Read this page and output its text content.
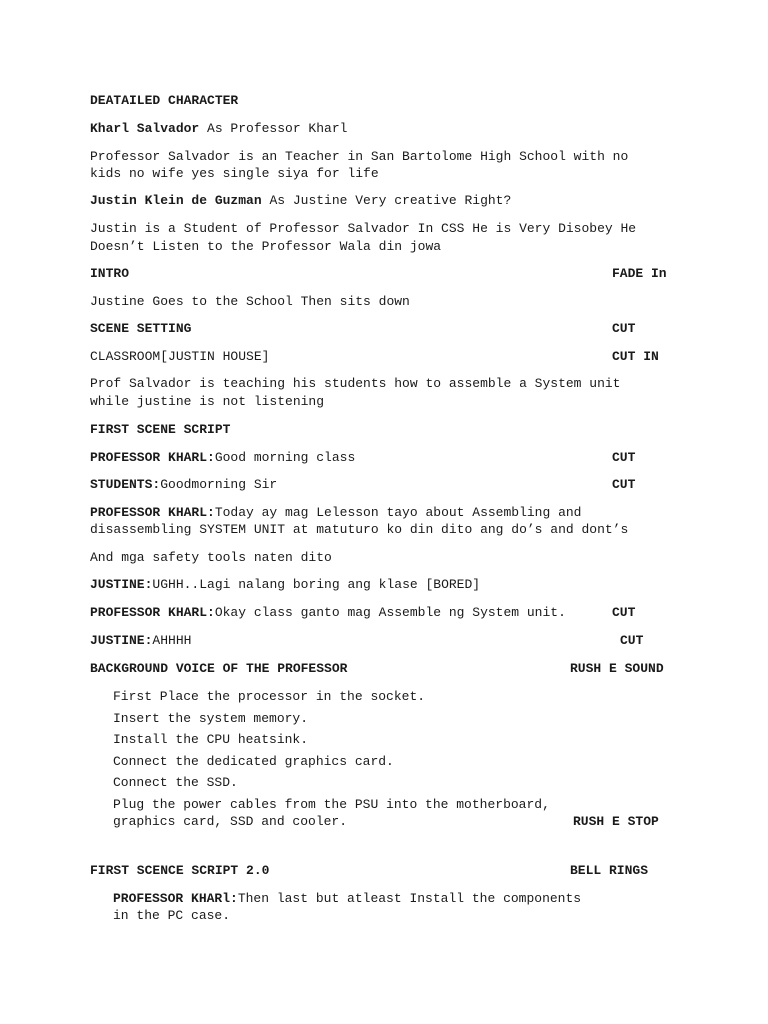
DEATAILED CHARACTER
Kharl Salvador As Professor Kharl
Professor Salvador is an Teacher in San Bartolome High School with no
kids no wife yes single siya for life
Justin Klein de Guzman As Justine Very creative Right?
Justin is a Student of Professor Salvador In CSS He is Very Disobey He
Doesn’t Listen to the Professor Wala din jowa
INTRO	FADE In
Justine Goes to the School Then sits down
SCENE SETTING	CUT
CLASSROOM[JUSTIN HOUSE]	CUT IN
Prof Salvador is teaching his students how to assemble a System unit
while justine is not listening
FIRST SCENE SCRIPT
PROFESSOR KHARL:Good morning class	CUT
STUDENTS:Goodmorning Sir	CUT
PROFESSOR KHARL:Today ay mag Lelesson tayo about Assembling and
disassembling SYSTEM UNIT at matuturo ko din dito ang do’s and dont’s
And mga safety tools naten dito
JUSTINE:UGHH..Lagi nalang boring ang klase [BORED]
PROFESSOR KHARL:Okay class ganto mag Assemble ng System unit.	CUT
JUSTINE:AHHHH	CUT
BACKGROUND VOICE OF THE PROFESSOR	RUSH E SOUND
First Place the processor in the socket.
Insert the system memory.
Install the CPU heatsink.
Connect the dedicated graphics card.
Connect the SSD.
Plug the power cables from the PSU into the motherboard,
graphics card, SSD and cooler.	RUSH E STOP
FIRST SCENCE SCRIPT 2.0	BELL RINGS
PROFESSOR KHARl:Then last but atleast Install the components
in the PC case.
